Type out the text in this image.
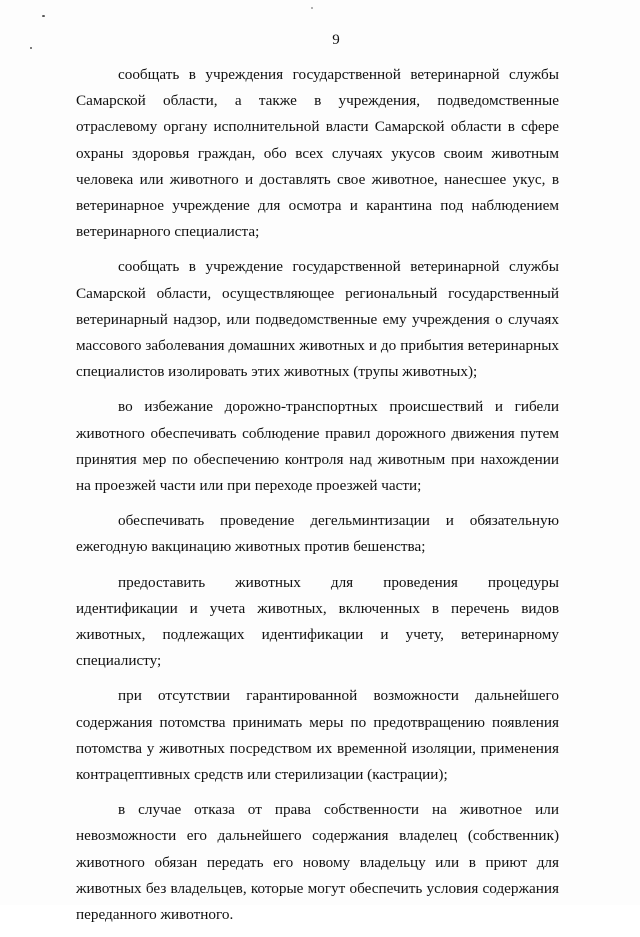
9

сообщать в учреждения государственной ветеринарной службы Самарской области, а также в учреждения, подведомственные отраслевому органу исполнительной власти Самарской области в сфере охраны здоровья граждан, обо всех случаях укусов своим животным человека или животного и доставлять свое животное, нанесшее укус, в ветеринарное учреждение для осмотра и карантина под наблюдением ветеринарного специалиста;

сообщать в учреждение государственной ветеринарной службы Самарской области, осуществляющее региональный государственный ветеринарный надзор, или подведомственные ему учреждения о случаях массового заболевания домашних животных и до прибытия ветеринарных специалистов изолировать этих животных (трупы животных);

во избежание дорожно-транспортных происшествий и гибели животного обеспечивать соблюдение правил дорожного движения путем принятия мер по обеспечению контроля над животным при нахождении на проезжей части или при переходе проезжей части;

обеспечивать проведение дегельминтизации и обязательную ежегодную вакцинацию животных против бешенства;

предоставить животных для проведения процедуры идентификации и учета животных, включенных в перечень видов животных, подлежащих идентификации и учету, ветеринарному специалисту;

при отсутствии гарантированной возможности дальнейшего содержания потомства принимать меры по предотвращению появления потомства у животных посредством их временной изоляции, применения контрацептивных средств или стерилизации (кастрации);

в случае отказа от права собственности на животное или невозможности его дальнейшего содержания владелец (собственник) животного обязан передать его новому владельцу или в приют для животных без владельцев, которые могут обеспечить условия содержания переданного животного.
